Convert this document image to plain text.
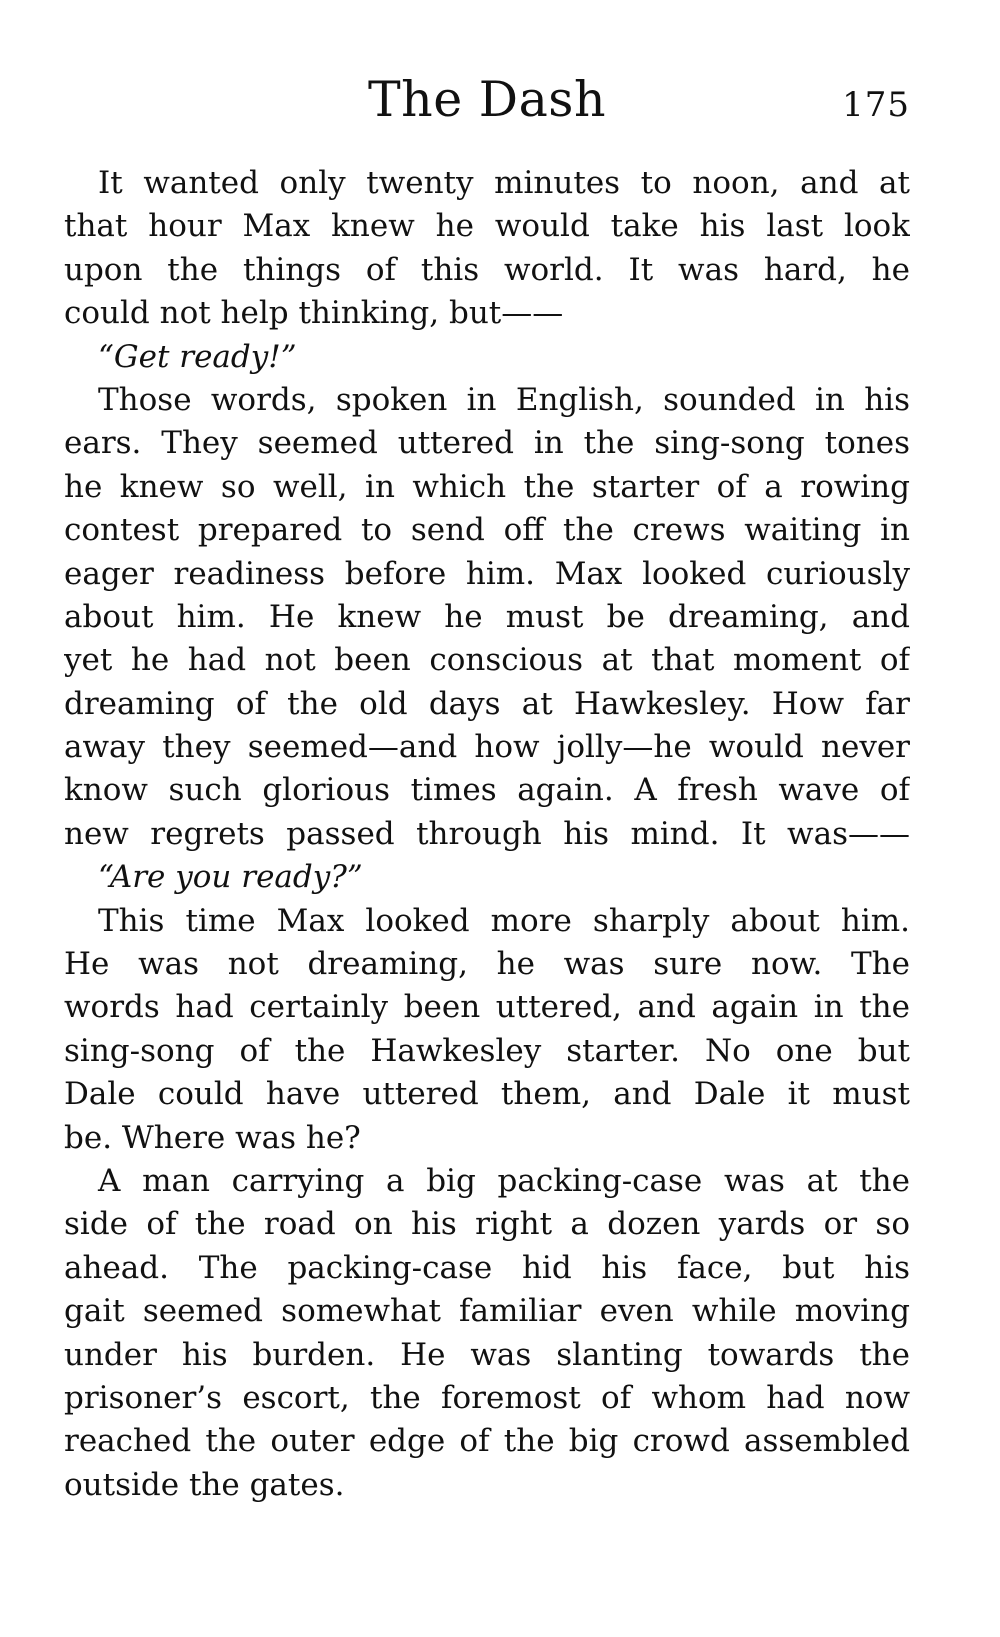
The Dash	175
It wanted only twenty minutes to noon, and at
that hour Max knew he would take his last look
upon the things of this world. It was hard, he
could not help thinking, but——
“Get ready!”
Those words, spoken in English, sounded in his
ears. They seemed uttered in the sing-song tones
he knew so well, in which the starter of a rowing
contest prepared to send off the crews waiting in
eager readiness before him. Max looked curiously
about him. He knew he must be dreaming, and
yet he had not been conscious at that moment of
dreaming of the old days at Hawkesley. How far
away they seemed—and how jolly—he would never
know such glorious times again. A fresh wave of
new regrets passed through his mind. It was——
“Are you ready?”
This time Max looked more sharply about him.
He was not dreaming, he was sure now. The
words had certainly been uttered, and again in the
sing-song of the Hawkesley starter. No one but
Dale could have uttered them, and Dale it must
be. Where was he?
A man carrying a big packing-case was at the
side of the road on his right a dozen yards or so
ahead. The packing-case hid his face, but his
gait seemed somewhat familiar even while moving
under his burden. He was slanting towards the
prisoner’s escort, the foremost of whom had now
reached the outer edge of the big crowd assembled
outside the gates.
